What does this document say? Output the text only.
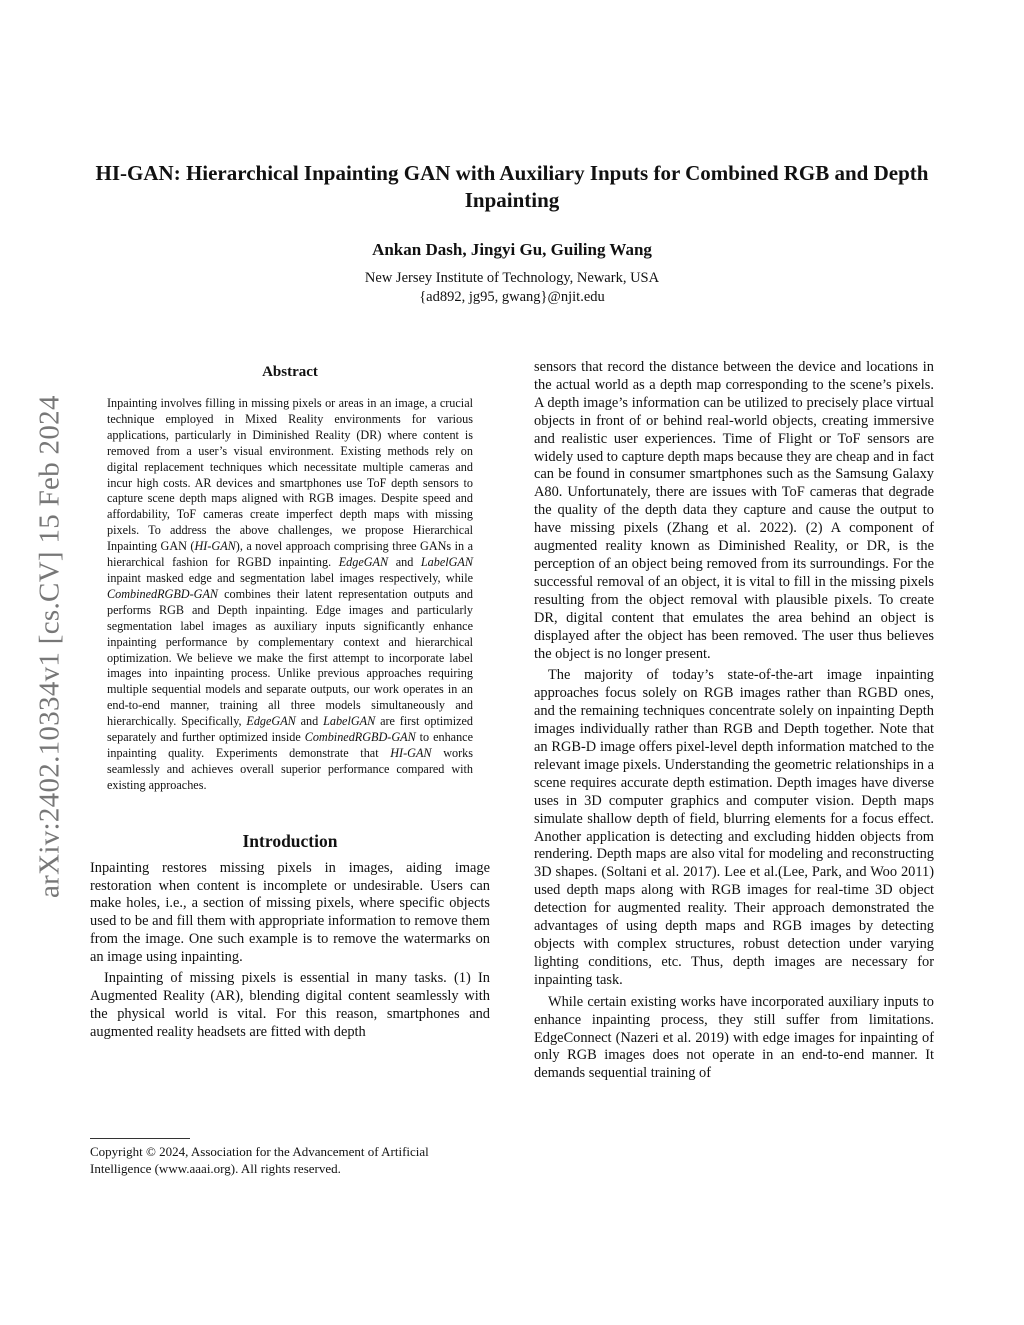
arXiv:2402.10334v1 [cs.CV] 15 Feb 2024
HI-GAN: Hierarchical Inpainting GAN with Auxiliary Inputs for Combined RGB and Depth Inpainting
Ankan Dash, Jingyi Gu, Guiling Wang
New Jersey Institute of Technology, Newark, USA
{ad892, jg95, gwang}@njit.edu
Abstract

Inpainting involves filling in missing pixels or areas in an image, a crucial technique employed in Mixed Reality environments for various applications, particularly in Diminished Reality (DR) where content is removed from a user’s visual environment. Existing methods rely on digital replacement techniques which necessitate multiple cameras and incur high costs. AR devices and smartphones use ToF depth sensors to capture scene depth maps aligned with RGB images. Despite speed and affordability, ToF cameras create imperfect depth maps with missing pixels. To address the above challenges, we propose Hierarchical Inpainting GAN (HI-GAN), a novel approach comprising three GANs in a hierarchical fashion for RGBD inpainting. EdgeGAN and LabelGAN inpaint masked edge and segmentation label images respectively, while CombinedRGBD-GAN combines their latent representation outputs and performs RGB and Depth inpainting. Edge images and particularly segmentation label images as auxiliary inputs significantly enhance inpainting performance by complementary context and hierarchical optimization. We believe we make the first attempt to incorporate label images into inpainting process. Unlike previous approaches requiring multiple sequential models and separate outputs, our work operates in an end-to-end manner, training all three models simultaneously and hierarchically. Specifically, EdgeGAN and LabelGAN are first optimized separately and further optimized inside CombinedRGBD-GAN to enhance inpainting quality. Experiments demonstrate that HI-GAN works seamlessly and achieves overall superior performance compared with existing approaches.

Introduction

Inpainting restores missing pixels in images, aiding image restoration when content is incomplete or undesirable. Users can make holes, i.e., a section of missing pixels, where specific objects used to be and fill them with appropriate information to remove them from the image. One such example is to remove the watermarks on an image using inpainting.

Inpainting of missing pixels is essential in many tasks. (1) In Augmented Reality (AR), blending digital content seamlessly with the physical world is vital. For this reason, smartphones and augmented reality headsets are fitted with depth

Copyright © 2024, Association for the Advancement of Artificial Intelligence (www.aaai.org). All rights reserved.

sensors that record the distance between the device and locations in the actual world as a depth map corresponding to the scene’s pixels. A depth image’s information can be utilized to precisely place virtual objects in front of or behind real-world objects, creating immersive and realistic user experiences. Time of Flight or ToF sensors are widely used to capture depth maps because they are cheap and in fact can be found in consumer smartphones such as the Samsung Galaxy A80. Unfortunately, there are issues with ToF cameras that degrade the quality of the depth data they capture and cause the output to have missing pixels (Zhang et al. 2022). (2) A component of augmented reality known as Diminished Reality, or DR, is the perception of an object being removed from its surroundings. For the successful removal of an object, it is vital to fill in the missing pixels resulting from the object removal with plausible pixels. To create DR, digital content that emulates the area behind an object is displayed after the object has been removed. The user thus believes the object is no longer present.

The majority of today’s state-of-the-art image inpainting approaches focus solely on RGB images rather than RGBD ones, and the remaining techniques concentrate solely on inpainting Depth images individually rather than RGB and Depth together. Note that an RGB-D image offers pixel-level depth information matched to the relevant image pixels. Understanding the geometric relationships in a scene requires accurate depth estimation. Depth images have diverse uses in 3D computer graphics and computer vision. Depth maps simulate shallow depth of field, blurring elements for a focus effect. Another application is detecting and excluding hidden objects from rendering. Depth maps are also vital for modeling and reconstructing 3D shapes. (Soltani et al. 2017). Lee et al.(Lee, Park, and Woo 2011) used depth maps along with RGB images for real-time 3D object detection for augmented reality. Their approach demonstrated the advantages of using depth maps and RGB images by detecting objects with complex structures, robust detection under varying lighting conditions, etc. Thus, depth images are necessary for inpainting task.

While certain existing works have incorporated auxiliary inputs to enhance inpainting process, they still suffer from limitations. EdgeConnect (Nazeri et al. 2019) with edge images for inpainting of only RGB images does not operate in an end-to-end manner. It demands sequential training of
